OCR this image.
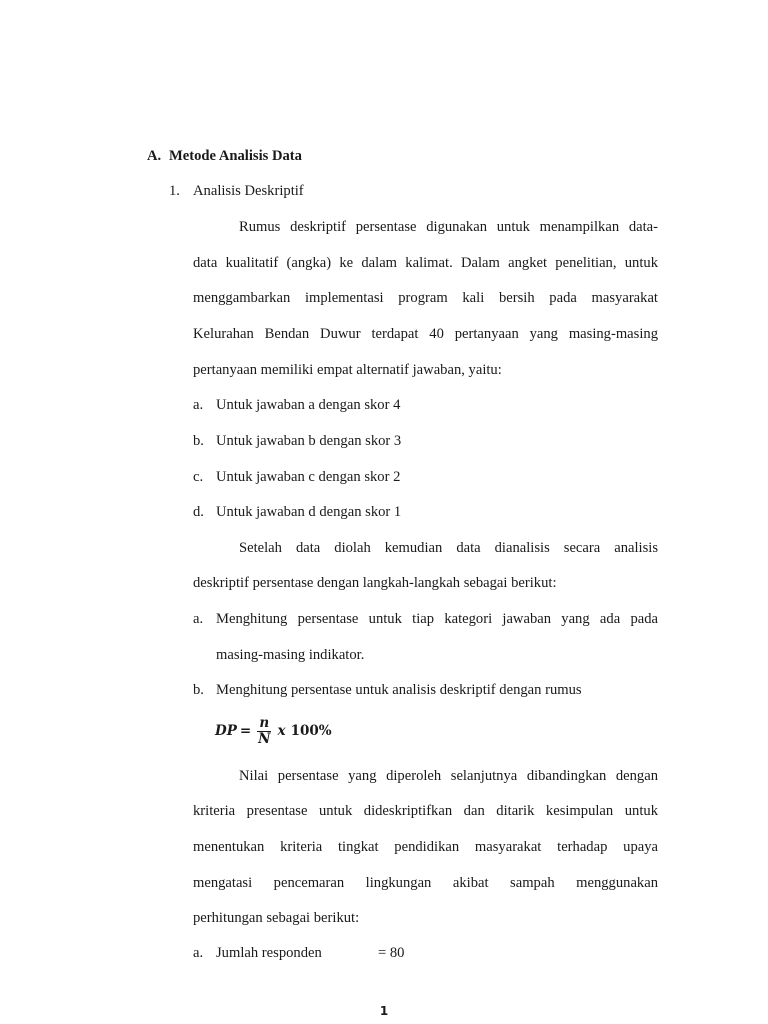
A. Metode Analisis Data
1. Analisis Deskriptif
Rumus deskriptif persentase digunakan untuk menampilkan data-
data kualitatif (angka) ke dalam kalimat. Dalam angket penelitian, untuk
menggambarkan implementasi program kali bersih pada masyarakat
Kelurahan Bendan Duwur terdapat 40 pertanyaan yang masing-masing
pertanyaan memiliki empat alternatif jawaban, yaitu:
a. Untuk jawaban a dengan skor 4
b. Untuk jawaban b dengan skor 3
c. Untuk jawaban c dengan skor 2
d. Untuk jawaban d dengan skor 1
Setelah data diolah kemudian data dianalisis secara analisis
deskriptif persentase dengan langkah-langkah sebagai berikut:
a. Menghitung persentase untuk tiap kategori jawaban yang ada pada
masing-masing indikator.
b. Menghitung persentase untuk analisis deskriptif dengan rumus
DP = $\frac{n}{N}$ x 100%
Nilai persentase yang diperoleh selanjutnya dibandingkan dengan
kriteria presentase untuk dideskriptifkan dan ditarik kesimpulan untuk
menentukan kriteria tingkat pendidikan masyarakat terhadap upaya
mengatasi pencemaran lingkungan akibat sampah menggunakan
perhitungan sebagai berikut:
a. Jumlah responden	= 80
1
